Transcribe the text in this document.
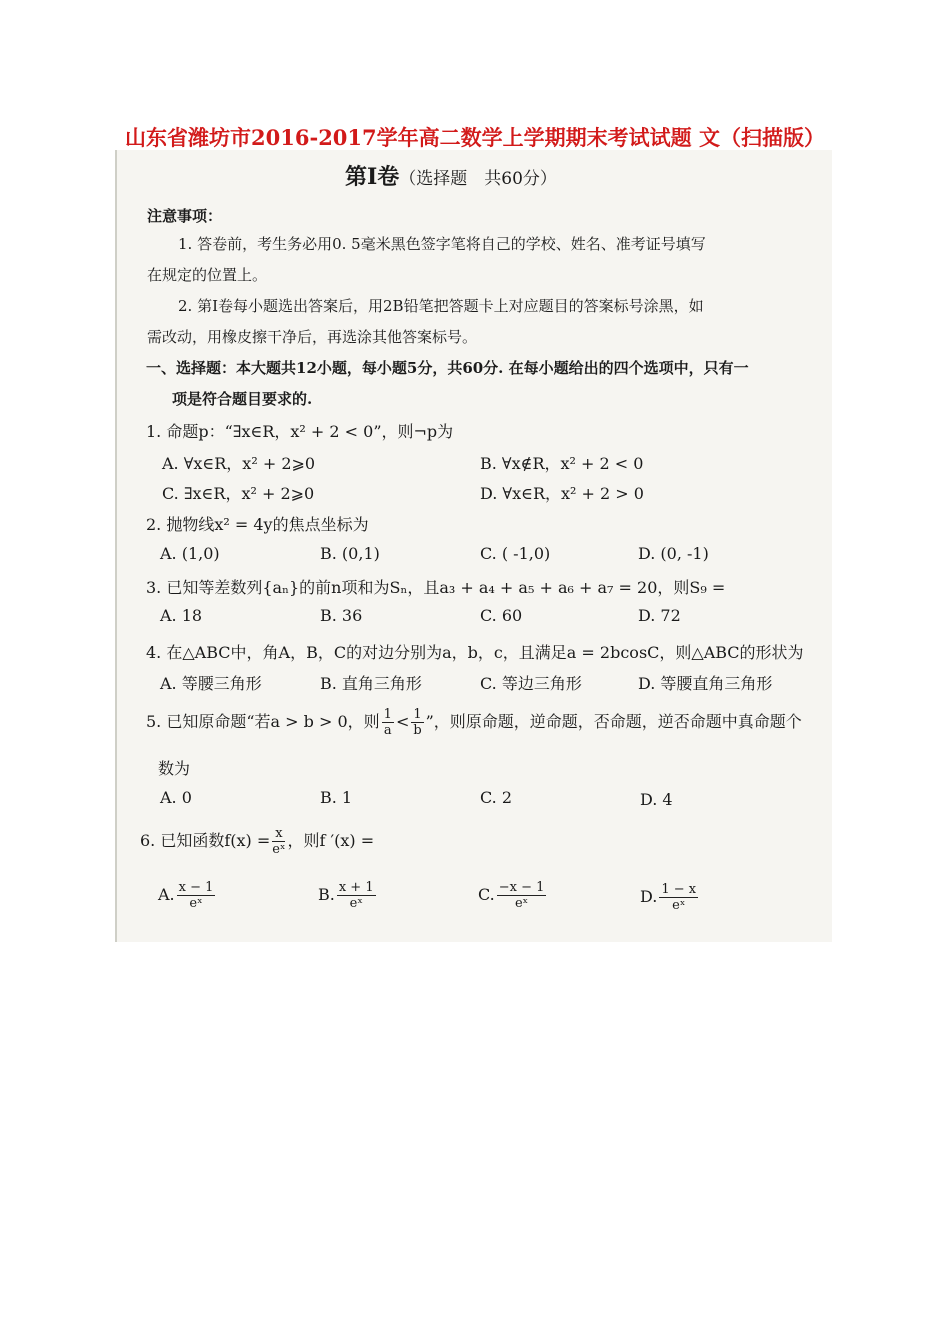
山东省潍坊市2016-2017学年高二数学上学期期末考试试题 文（扫描版）
第Ⅰ卷（选择题　共60分）
注意事项：
1. 答卷前，考生务必用0. 5毫米黑色签字笔将自己的学校、姓名、准考证号填写
在规定的位置上。
2. 第Ⅰ卷每小题选出答案后，用2B铅笔把答题卡上对应题目的答案标号涂黑，如
需改动，用橡皮擦干净后，再选涂其他答案标号。
一、选择题：本大题共12小题，每小题5分，共60分. 在每小题给出的四个选项中，只有一
项是符合题目要求的.
1. 命题p：“∃x∈R，x² + 2 < 0”，则¬p为
A. ∀x∈R，x² + 2⩾0	B. ∀x∉R，x² + 2 < 0
C. ∃x∈R，x² + 2⩾0	D. ∀x∈R，x² + 2 > 0
2. 抛物线x² = 4y的焦点坐标为
A. (1,0)	B. (0,1)	C. ( -1,0)	D. (0, -1)
3. 已知等差数列{aₙ}的前n项和为Sₙ，且a₃ + a₄ + a₅ + a₆ + a₇ = 20，则S₉ =
A. 18	B. 36	C. 60	D. 72
4. 在△ABC中，角A，B，C的对边分别为a，b，c，且满足a = 2bcosC，则△ABC的形状为
A. 等腰三角形	B. 直角三角形	C. 等边三角形	D. 等腰直角三角形
5. 已知原命题“若a > b > 0，则 $\frac{1}{a} < \frac{1}{b}$ ”，则原命题，逆命题，否命题，逆否命题中真命题个
数为
A. 0	B. 1	C. 2	D. 4
6. 已知函数$f(x) = \frac{x}{\text{eˣ}}$ ，则f ′(x) =
A. $\frac{x - 1}{\text{eˣ}}$	B. $\frac{x + 1}{\text{eˣ}}$	C. $\frac{-x - 1}{\text{eˣ}}$	D. $\frac{1 - x}{\text{eˣ}}$
